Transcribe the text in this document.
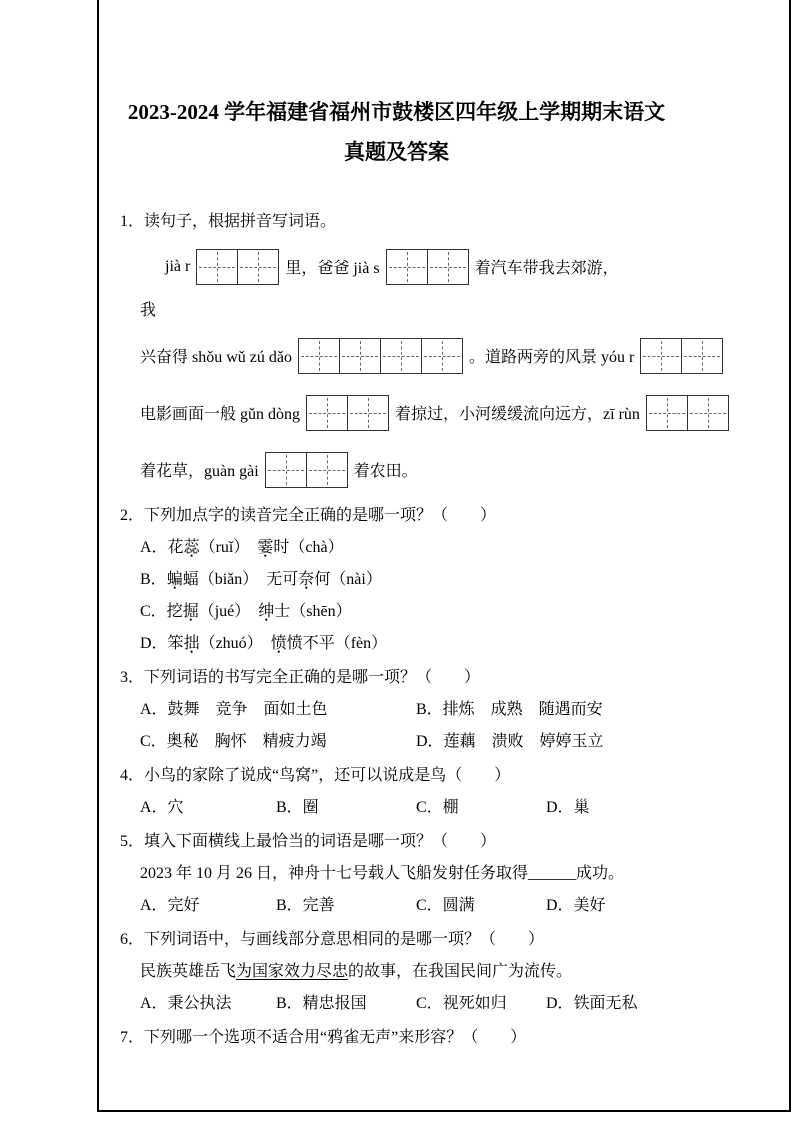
2023-2024 学年福建省福州市鼓楼区四年级上学期期末语文
真题及答案
1．读句子，根据拼音写词语。
jià r	里，爸爸 jià s	着汽车带我去郊游，
我
兴奋得 shǒu wǔ zú dǎo	。道路两旁的风景 yóu r
电影画面一般 gǔn dòng	着掠过，小河缓缓流向远方，zī rùn
着花草，guàn gài	着农田。
2．下列加点字的读音完全正确的是哪一项？（　　）
A．花蕊（ruǐ）　霎时（chà）
B．蝙蝠（biǎn）　无可奈何（nài）
C．挖掘（jué）　绅士（shēn）
D．笨拙（zhuó）　愤愤不平（fèn）
3．下列词语的书写完全正确的是哪一项？（　　）
A．鼓舞　竞争　面如土色	B．排炼　成熟　随遇而安
C．奥秘　胸怀　精疲力竭	D．莲藕　溃败　婷婷玉立
4．小鸟的家除了说成“鸟窝”，还可以说成是鸟（　　）
A．穴	B．圈	C．棚	D．巢
5．填入下面横线上最恰当的词语是哪一项？（　　）
2023 年 10 月 26 日，神舟十七号载人飞船发射任务取得______成功。
A．完好	B．完善	C．圆满	D．美好
6．下列词语中，与画线部分意思相同的是哪一项？（　　）
民族英雄岳飞为国家效力尽忠的故事，在我国民间广为流传。
A．秉公执法	B．精忠报国	C．视死如归	D．铁面无私
7．下列哪一个选项不适合用“鸦雀无声”来形容？（　　）
